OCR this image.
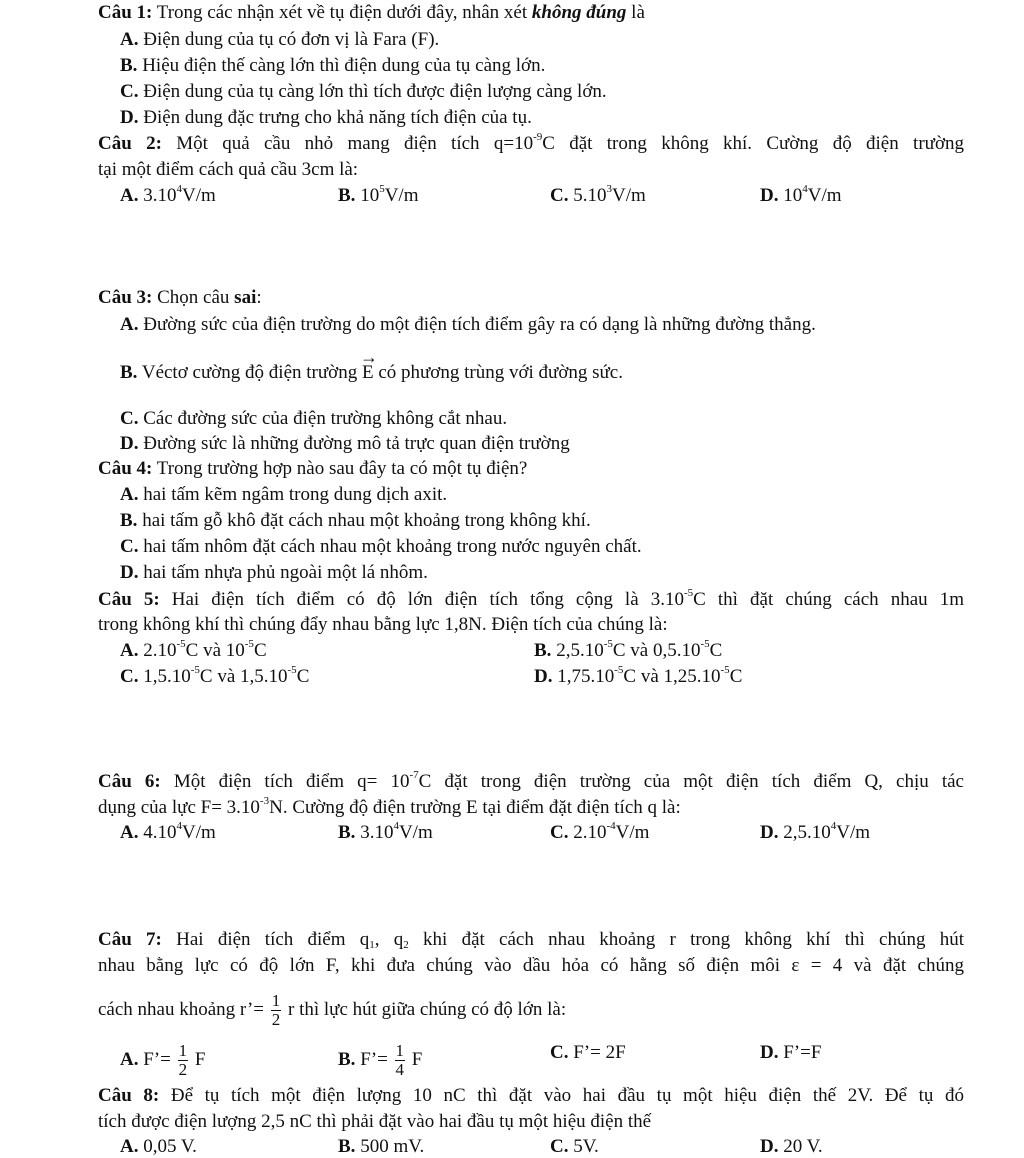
Câu 1: Trong các nhận xét về tụ điện dưới đây, nhân xét không đúng là
A. Điện dung của tụ có đơn vị là Fara (F).
B. Hiệu điện thế càng lớn thì điện dung của tụ càng lớn.
C. Điện dung của tụ càng lớn thì tích được điện lượng càng lớn.
D. Điện dung đặc trưng cho khả năng tích điện của tụ.
Câu 2: Một quả cầu nhỏ mang điện tích $q=10^{-9}C$ đặt trong không khí. Cường độ điện trường
tại một điểm cách quả cầu 3cm là:
A. 3.10$^4$V/m	B. $10^5V/m$	C. 5.10$^3$V/m	D. $10^4V/m$
Câu 3: Chọn câu sai:
A. Đường sức của điện trường do một điện tích điểm gây ra có dạng là những đường thẳng.
B. Véctơ cường độ điện trường → E có phương trùng với đường sức.
C. Các đường sức của điện trường không cắt nhau.
D. Đường sức là những đường mô tả trực quan điện trường
Câu 4: Trong trường hợp nào sau đây ta có một tụ điện?
A. hai tấm kẽm ngâm trong dung dịch axit.
B. hai tấm gỗ khô đặt cách nhau một khoảng trong không khí.
C. hai tấm nhôm đặt cách nhau một khoảng trong nước nguyên chất.
D. hai tấm nhựa phủ ngoài một lá nhôm.
Câu 5: Hai điện tích điểm có độ lớn điện tích tổng cộng là $3.10^{-5}C$ thì đặt chúng cách nhau 1m
trong không khí thì chúng đẩy nhau bằng lực 1,8N. Điện tích của chúng là:
A. $2.10^{-5}C$ và $10^{-5}C$	B. $2,5.10^{-5}C$ và $0,5.10^{-5}C$
C. $1,5.10^{-5}C$ và $1,5.10^{-5}C$	D. $1,75.10^{-5}C$ và $1,25.10^{-5}C$
Câu 6: Một điện tích điểm $q= 10^{-7}C$ đặt trong điện trường của một điện tích điểm Q, chịu tác
dụng của lực $F= 3.10^{-3}N$. Cường độ điện trường E tại điểm đặt điện tích q là:
A. 4.10$^4$V/m	B. 3.10$^4$V/m	C. $2.10^{-4}V/m$	D. 2,5.10$^4$V/m
Câu 7: Hai điện tích điểm $q_1$, $q_2$ khi đặt cách nhau khoảng r trong không khí thì chúng hút
nhau bằng lực có độ lớn F, khi đưa chúng vào dầu hỏa có hằng số điện môi ε = 4 và đặt chúng
cách nhau khoảng r’= $\frac{1}{2}$ r thì lực hút giữa chúng có độ lớn là:
A. F’= $\frac{1}{2}$ F	B. F’= $\frac{1}{4}$ F	C. F’= 2F	D. F’=F
Câu 8: Để tụ tích một điện lượng 10 nC thì đặt vào hai đầu tụ một hiệu điện thế 2V. Để tụ đó
tích được điện lượng 2,5 nC thì phải đặt vào hai đầu tụ một hiệu điện thế
A. 0,05 V.	B. 500 mV.	C. 5V.	D. 20 V.
